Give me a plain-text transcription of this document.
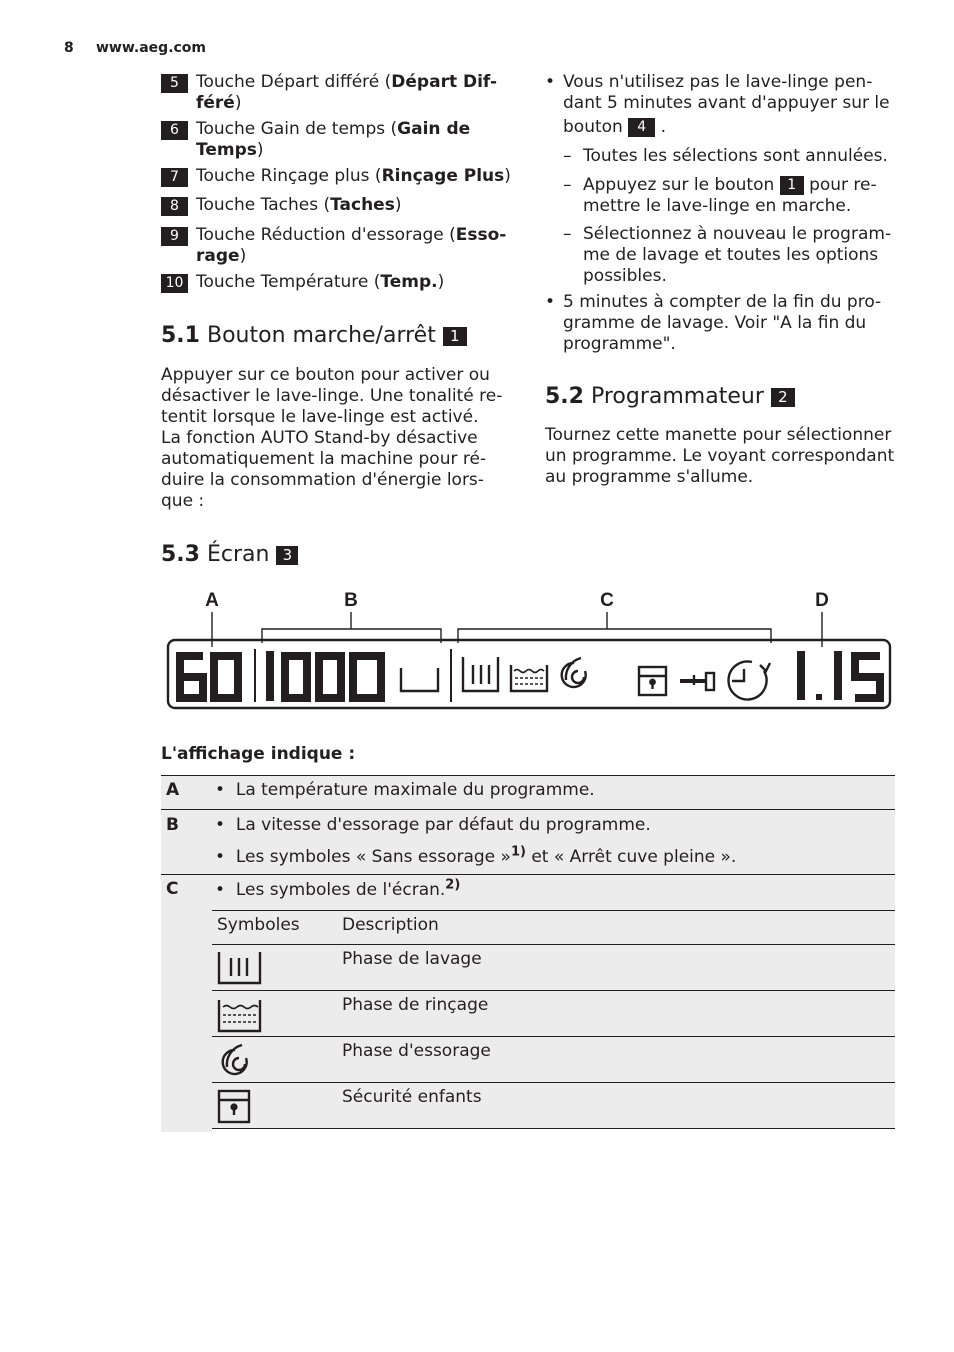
8 www.aeg.com
5	Touche Départ différé (Départ Dif-
féré)
6	Touche Gain de temps (Gain de
Temps)
7	Touche Rinçage plus (Rinçage Plus)
8	Touche Taches (Taches)
9	Touche Réduction d'essorage (Esso-
rage)
10 Touche Température (Temp.)
5.1 Bouton marche/arrêt 1
Appuyer sur ce bouton pour activer ou
désactiver le lave-linge. Une tonalité re-
tentit lorsque le lave-linge est activé.
La fonction AUTO Stand-by désactive
automatiquement la machine pour ré-
duire la consommation d'énergie lors-
que :
• Vous n'utilisez pas le lave-linge pen-
dant 5 minutes avant d'appuyer sur le
bouton 4 .
– Toutes les sélections sont annulées.
– Appuyez sur le bouton 1 pour re-
mettre le lave-linge en marche.
– Sélectionnez à nouveau le program-
me de lavage et toutes les options
possibles.
• 5 minutes à compter de la fin du pro-
gramme de lavage. Voir "A la fin du
programme".
5.2 Programmateur 2
Tournez cette manette pour sélectionner
un programme. Le voyant correspondant
au programme s'allume.
5.3 Écran 3
A	B	C	D
L'affichage indique :
A •  La température maximale du programme.
B •  La vitesse d'essorage par défaut du programme.
•  Les symboles « Sans essorage »$^{1)}$ et « Arrêt cuve pleine ».
C •  Les symboles de l'écran.$^{2)}$
Symboles Description
Phase de lavage
Phase de rinçage
Phase d'essorage
Sécurité enfants
